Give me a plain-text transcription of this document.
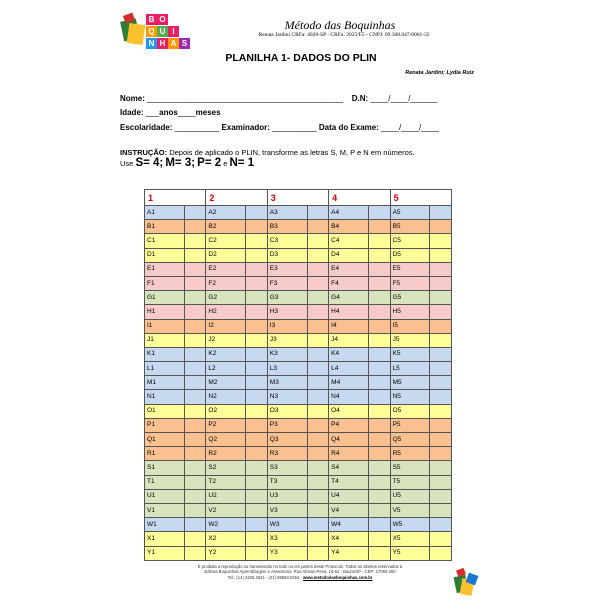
B O
Q U I
N H A S
Método das Boquinhas
Renata Jardini CRFa: 4028-SP - CRFa: 2025/F5 - CNPJ: 09.308.047/0001-35
PLANILHA 1- DADOS DO PLIN
Renata Jardini; Lydia Ruiz
Nome: ____________________________________________ D.N: ____/____/______
Idade: ___anos____meses
Escolaridade: __________ Examinador: __________ Data do Exame: ____/____/____
INSTRUÇÃO: Depois de aplicado o PLIN, transforme as letras S, M, P e N em números.
Use S= 4; M= 3; P= 2 e N= 1
1		2		3		4		5	
A1		A2		A3		A4		A5	
B1		B2		B3		B4		B5	
C1		C2		C3		C4		C5	
D1		D2		D3		D4		D5	
E1		E2		E3		E4		E5	
F1		F2		F3		F4		F5	
G1		G2		G3		G4		G5	
H1		H2		H3		H4		H5	
I1		I2		I3		I4		I5	
J1		J2		J3		J4		J5	
K1		K2		K3		K4		K5	
L1		L2		L3		L4		L5	
M1		M2		M3		M4		M5	
N1		N2		N3		N4		N5	
O1		O2		O3		O4		O5	
P1		P2		P3		P4		P5	
Q1		Q2		Q3		Q4		Q5	
R1		R2		R3		R4		R5	
S1		S2		S3		S4		S5	
T1		T2		T3		T4		T5	
U1		U2		U3		U4		U5	
V1		V2		V3		V4		V5	
W1		W2		W3		W4		W5	
X1		X2		X3		X4		X5	
Y1		Y2		Y3		Y4		Y5	
É proibida a reprodução ou transmissão no todo ou em partes deste Protocolo. Todos os direitos reservados à
Editora Boquinhas Aprendizagem e Assessoria. Rua Afonso Pena, 10-52 - Bauru/SP - CEP: 17060-250
Tel.: (14) 3206.2541 - (21) 98593.0254 - www.metododasboquinhas.com.br
